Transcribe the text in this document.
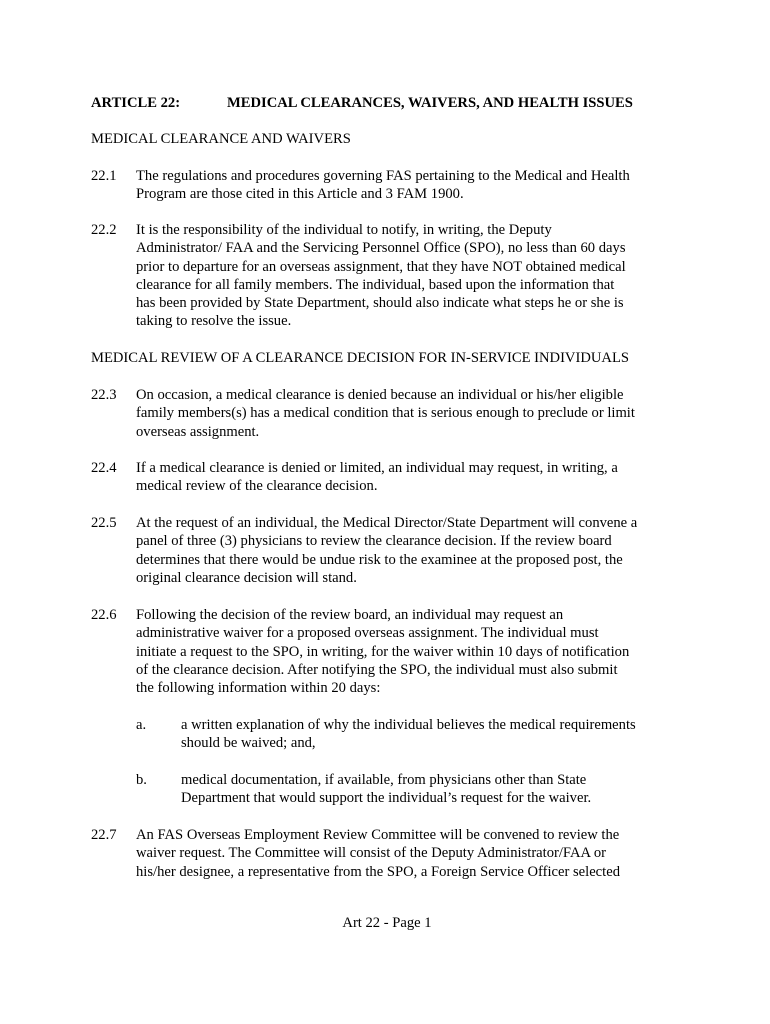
ARTICLE 22:	MEDICAL CLEARANCES, WAIVERS, AND HEALTH ISSUES
MEDICAL CLEARANCE AND WAIVERS
22.1 The regulations and procedures governing FAS pertaining to the Medical and Health
Program are those cited in this Article and 3 FAM 1900.
22.2 It is the responsibility of the individual to notify, in writing, the Deputy
Administrator/ FAA and the Servicing Personnel Office (SPO), no less than 60 days
prior to departure for an overseas assignment, that they have NOT obtained medical
clearance for all family members. The individual, based upon the information that
has been provided by State Department, should also indicate what steps he or she is
taking to resolve the issue.
MEDICAL REVIEW OF A CLEARANCE DECISION FOR IN-SERVICE INDIVIDUALS
22.3 On occasion, a medical clearance is denied because an individual or his/her eligible
family members(s) has a medical condition that is serious enough to preclude or limit
overseas assignment.
22.4 If a medical clearance is denied or limited, an individual may request, in writing, a
medical review of the clearance decision.
22.5 At the request of an individual, the Medical Director/State Department will convene a
panel of three (3) physicians to review the clearance decision. If the review board
determines that there would be undue risk to the examinee at the proposed post, the
original clearance decision will stand.
22.6 Following the decision of the review board, an individual may request an
administrative waiver for a proposed overseas assignment. The individual must
initiate a request to the SPO, in writing, for the waiver within 10 days of notification
of the clearance decision. After notifying the SPO, the individual must also submit
the following information within 20 days:
a. a written explanation of why the individual believes the medical requirements
should be waived; and,
b. medical documentation, if available, from physicians other than State
Department that would support the individual’s request for the waiver.
22.7 An FAS Overseas Employment Review Committee will be convened to review the
waiver request. The Committee will consist of the Deputy Administrator/FAA or
his/her designee, a representative from the SPO, a Foreign Service Officer selected
Art 22 - Page 1
